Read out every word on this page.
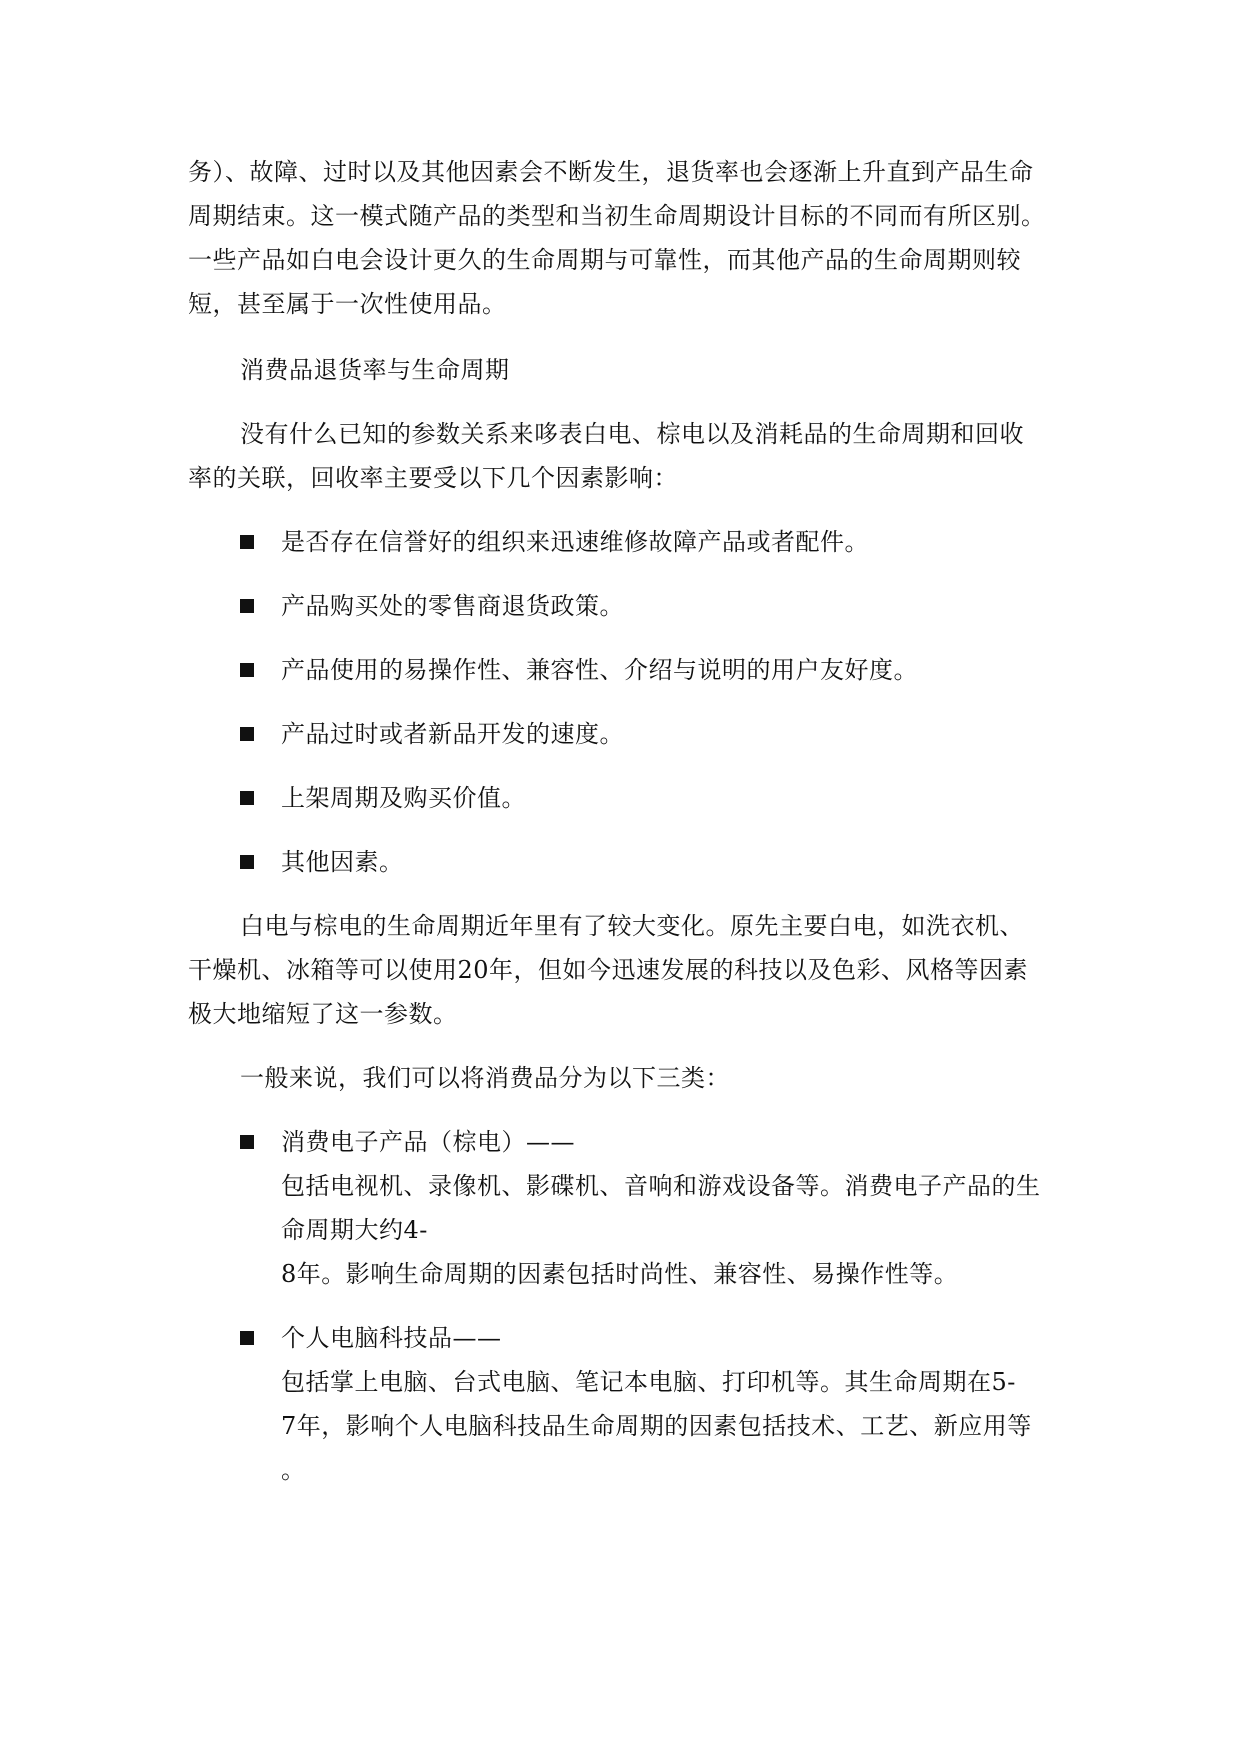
务）、故障、过时以及其他因素会不断发生，退货率也会逐渐上升直到产品生命周期结束。这一模式随产品的类型和当初生命周期设计目标的不同而有所区别。一些产品如白电会设计更久的生命周期与可靠性，而其他产品的生命周期则较短，甚至属于一次性使用品。

消费品退货率与生命周期

没有什么已知的参数关系来哆表白电、棕电以及消耗品的生命周期和回收率的关联，回收率主要受以下几个因素影响：

是否存在信誉好的组织来迅速维修故障产品或者配件。
产品购买处的零售商退货政策。
产品使用的易操作性、兼容性、介绍与说明的用户友好度。
产品过时或者新品开发的速度。
上架周期及购买价值。
其他因素。

白电与棕电的生命周期近年里有了较大变化。原先主要白电，如洗衣机、干燥机、冰箱等可以使用20年，但如今迅速发展的科技以及色彩、风格等因素极大地缩短了这一参数。

一般来说，我们可以将消费品分为以下三类：

消费电子产品（棕电）——
包括电视机、录像机、影碟机、音响和游戏设备等。消费电子产品的生命周期大约4-
8年。影响生命周期的因素包括时尚性、兼容性、易操作性等。
个人电脑科技品——
包括掌上电脑、台式电脑、笔记本电脑、打印机等。其生命周期在5-
7年，影响个人电脑科技品生命周期的因素包括技术、工艺、新应用等
。
